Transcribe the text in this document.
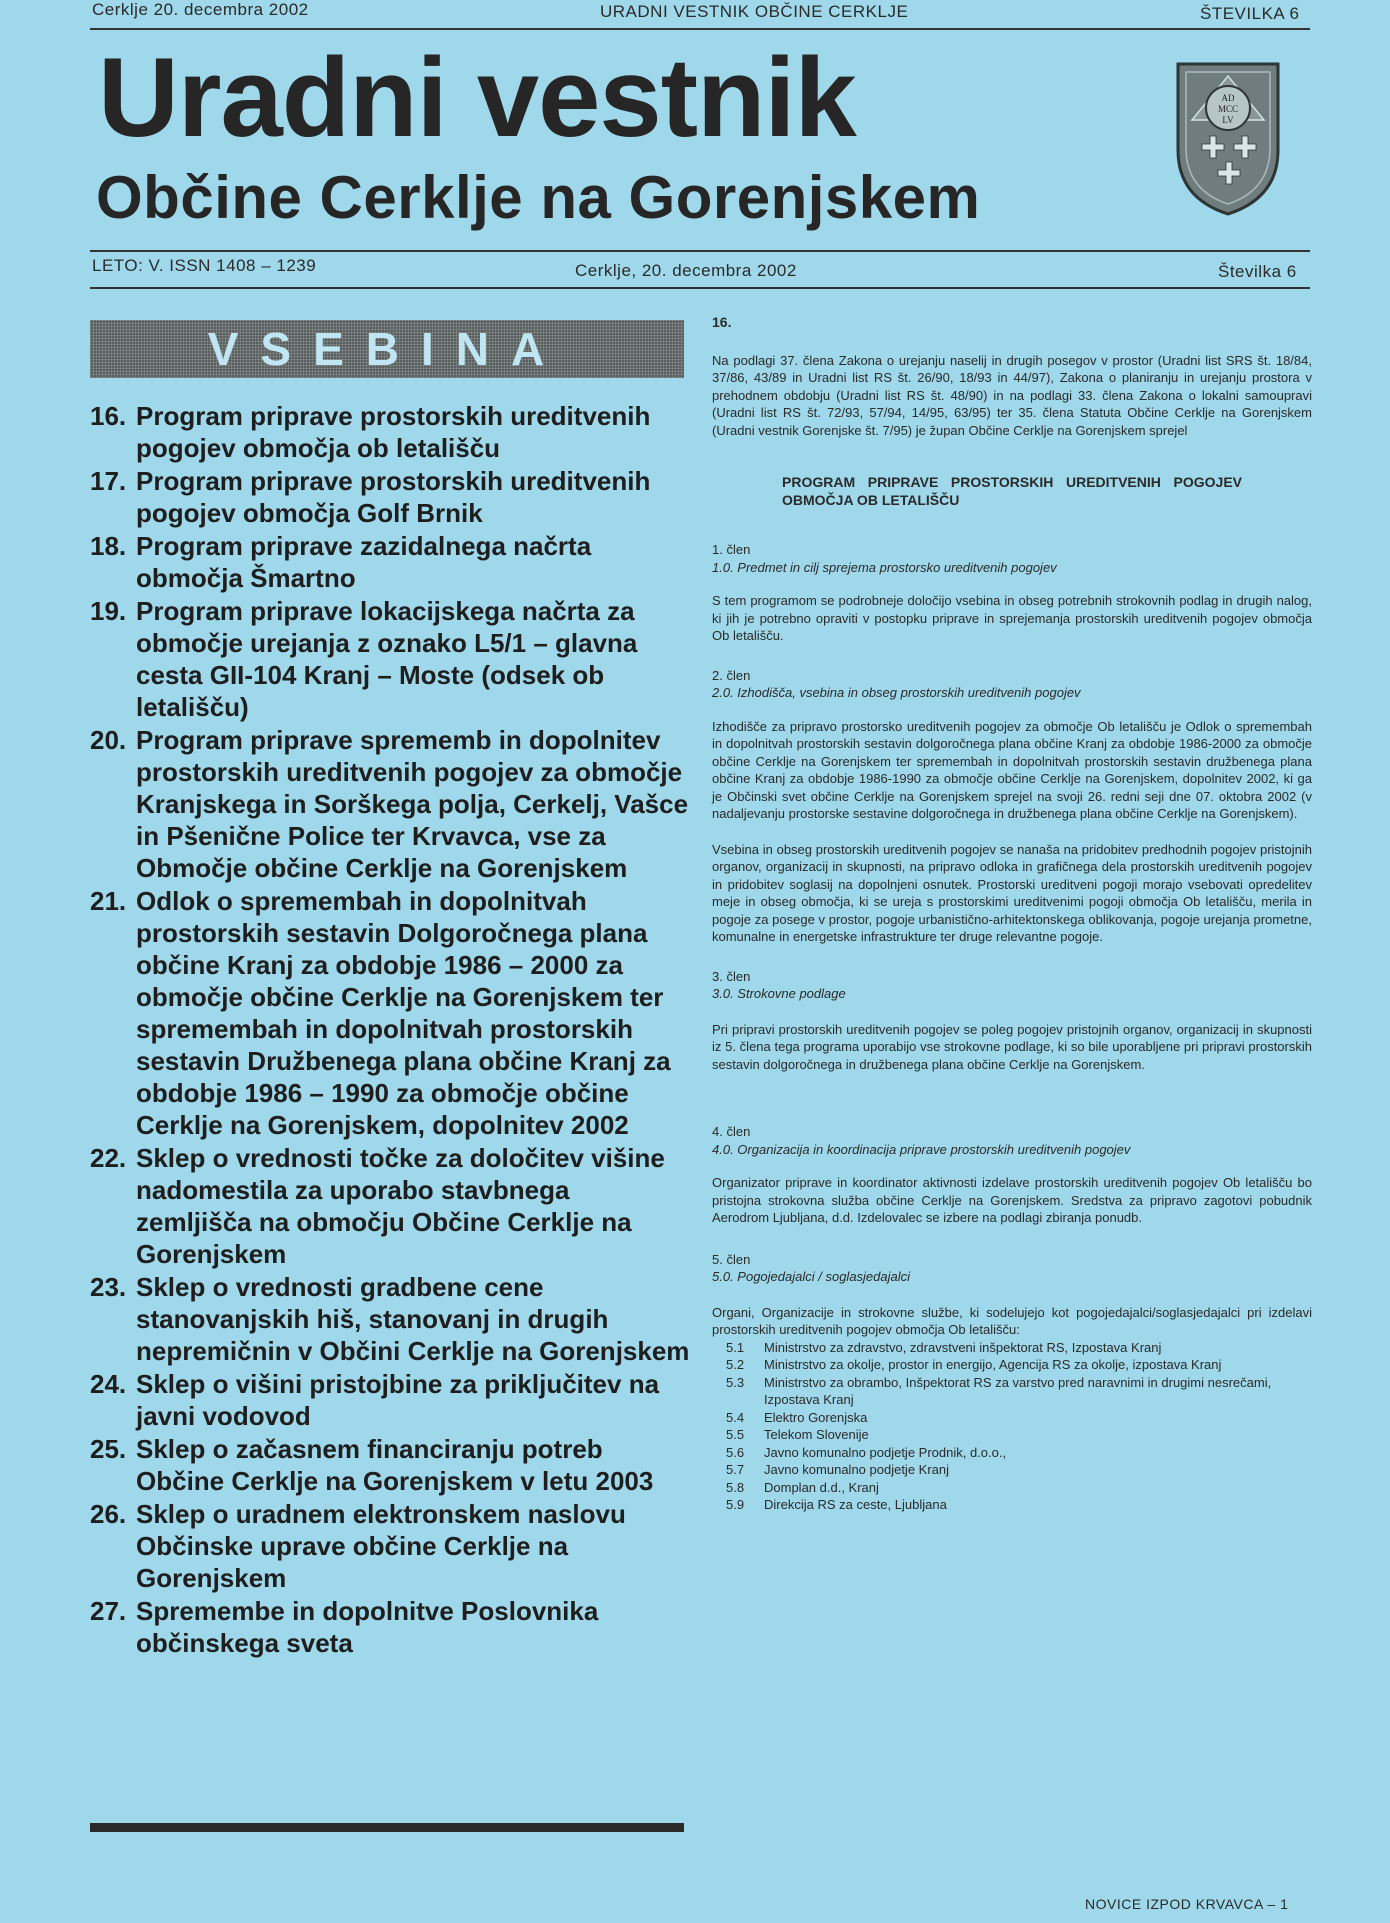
Cerklje 20. decembra 2002	URADNI VESTNIK OBČINE CERKLJE	ŠTEVILKA 6
Uradni vestnik
Občine Cerklje na Gorenjskem
AD
MCC
LV
LETO: V. ISSN 1408 – 1239	Cerklje, 20. decembra 2002	Številka 6
VSEBINA
16. Program priprave prostorskih ureditvenih pogojev območja ob letališču
17. Program priprave prostorskih ureditvenih pogojev območja Golf Brnik
18. Program priprave zazidalnega načrta območja Šmartno
19. Program priprave lokacijskega načrta za območje urejanja z oznako L5/1 – glavna cesta GII-104 Kranj – Moste (odsek ob letališču)
20. Program priprave sprememb in dopolnitev prostorskih ureditvenih pogojev za območje Kranjskega in Sorškega polja, Cerkelj, Vašce in Pšenične Police ter Krvavca, vse za Območje občine Cerklje na Gorenjskem
21. Odlok o spremembah in dopolnitvah prostorskih sestavin Dolgoročnega plana občine Kranj za obdobje 1986 – 2000 za območje občine Cerklje na Gorenjskem ter spremembah in dopolnitvah prostorskih sestavin Družbenega plana občine Kranj za obdobje 1986 – 1990 za območje občine Cerklje na Gorenjskem, dopolnitev 2002
22. Sklep o vrednosti točke za določitev višine nadomestila za uporabo stavbnega zemljišča na območju Občine Cerklje na Gorenjskem
23. Sklep o vrednosti gradbene cene stanovanjskih hiš, stanovanj in drugih nepremičnin v Občini Cerklje na Gorenjskem
24. Sklep o višini pristojbine za priključitev na javni vodovod
25. Sklep o začasnem financiranju potreb Občine Cerklje na Gorenjskem v letu 2003
26. Sklep o uradnem elektronskem naslovu Občinske uprave občine Cerklje na Gorenjskem
27. Spremembe in dopolnitve Poslovnika občinskega sveta

16.

Na podlagi 37. člena Zakona o urejanju naselij in drugih posegov v prostor (Uradni list SRS št. 18/84, 37/86, 43/89 in Uradni list RS št. 26/90, 18/93 in 44/97), Zakona o planiranju in urejanju prostora v prehodnem obdobju (Uradni list RS št. 48/90) in na podlagi 33. člena Zakona o lokalni samoupravi (Uradni list RS št. 72/93, 57/94, 14/95, 63/95) ter 35. člena Statuta Občine Cerklje na Gorenjskem (Uradni vestnik Gorenjske št. 7/95) je župan Občine Cerklje na Gorenjskem sprejel

PROGRAM PRIPRAVE PROSTORSKIH UREDITVENIH POGOJEV OBMOČJA OB LETALIŠČU

1. člen

1.0. Predmet in cilj sprejema prostorsko ureditvenih pogojev

S tem programom se podrobneje določijo vsebina in obseg potrebnih strokovnih podlag in drugih nalog, ki jih je potrebno opraviti v postopku priprave in sprejemanja prostorskih ureditvenih pogojev območja Ob letališču.

2. člen

2.0. Izhodišča, vsebina in obseg prostorskih ureditvenih pogojev

Izhodišče za pripravo prostorsko ureditvenih pogojev za območje Ob letališču je Odlok o spremembah in dopolnitvah prostorskih sestavin dolgoročnega plana občine Kranj za obdobje 1986-2000 za območje občine Cerklje na Gorenjskem ter spremembah in dopolnitvah prostorskih sestavin družbenega plana občine Kranj za obdobje 1986-1990 za območje občine Cerklje na Gorenjskem, dopolnitev 2002, ki ga je Občinski svet občine Cerklje na Gorenjskem sprejel na svoji 26. redni seji dne 07. oktobra 2002 (v nadaljevanju prostorske sestavine dolgoročnega in družbenega plana občine Cerklje na Gorenjskem).

Vsebina in obseg prostorskih ureditvenih pogojev se nanaša na pridobitev predhodnih pogojev pristojnih organov, organizacij in skupnosti, na pripravo odloka in grafičnega dela prostorskih ureditvenih pogojev in pridobitev soglasij na dopolnjeni osnutek. Prostorski ureditveni pogoji morajo vsebovati opredelitev meje in obseg območja, ki se ureja s prostorskimi ureditvenimi pogoji območja Ob letališču, merila in pogoje za posege v prostor, pogoje urbanistično-arhitektonskega oblikovanja, pogoje urejanja prometne, komunalne in energetske infrastrukture ter druge relevantne pogoje.

3. člen

3.0. Strokovne podlage

Pri pripravi prostorskih ureditvenih pogojev se poleg pogojev pristojnih organov, organizacij in skupnosti iz 5. člena tega programa uporabijo vse strokovne podlage, ki so bile uporabljene pri pripravi prostorskih sestavin dolgoročnega in družbenega plana občine Cerklje na Gorenjskem.

4. člen

4.0. Organizacija in koordinacija priprave prostorskih ureditvenih pogojev

Organizator priprave in koordinator aktivnosti izdelave prostorskih ureditvenih pogojev Ob letališču bo pristojna strokovna služba občine Cerklje na Gorenjskem. Sredstva za pripravo zagotovi pobudnik Aerodrom Ljubljana, d.d. Izdelovalec se izbere na podlagi zbiranja ponudb.

5. člen

5.0. Pogojedajalci / soglasjedajalci

Organi, Organizacije in strokovne službe, ki sodelujejo kot pogojedajalci/soglasjedajalci pri izdelavi prostorskih ureditvenih pogojev območja Ob letališču:

5.1 Ministrstvo za zdravstvo, zdravstveni inšpektorat RS, Izpostava Kranj
5.2 Ministrstvo za okolje, prostor in energijo, Agencija RS za okolje, izpostava Kranj
5.3 Ministrstvo za obrambo, Inšpektorat RS za varstvo pred naravnimi in drugimi nesrečami, Izpostava Kranj
5.4 Elektro Gorenjska
5.5 Telekom Slovenije
5.6 Javno komunalno podjetje Prodnik, d.o.o.,
5.7 Javno komunalno podjetje Kranj
5.8 Domplan d.d., Kranj
5.9 Direkcija RS za ceste, Ljubljana
NOVICE IZPOD KRVAVCA – 1
